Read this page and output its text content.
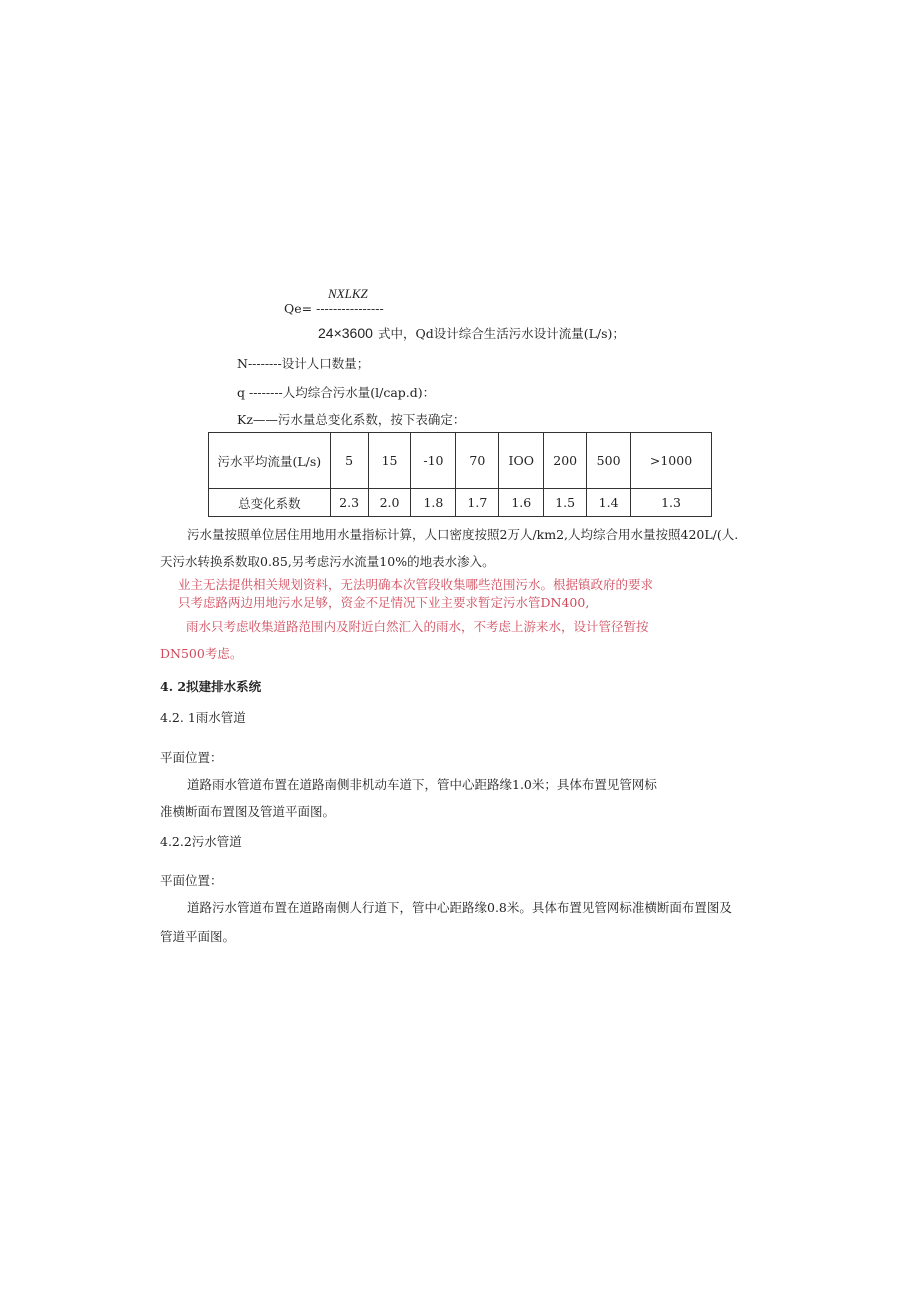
NXLKZ
Qe= ----------------
24×3600 式中，Qd设计综合生活污水设计流量(L/s)；
N--------设计人口数量；
q --------人均综合污水量(l/cap.d)：
Kz——污水量总变化系数，按下表确定：
污水平均流量(L/s)	5	15	-10	70	IOO	200	500	>1000
总变化系数	2.3	2.0	1.8	1.7	1.6	1.5	1.4	1.3
污水量按照单位居住用地用水量指标计算，人口密度按照2万人/km2,人均综合用水量按照420L/(人.
天污水转换系数取0.85,另考虑污水流量10%的地表水渗入。
业主无法提供相关规划资料，无法明确本次管段收集哪些范围污水。根据镇政府的要求
只考虑路两边用地污水足够，资金不足情况下业主要求暂定污水管DN400,
雨水只考虑收集道路范围内及附近白然汇入的雨水，不考虑上游来水，设计管径暂按
DN500考虑。
4. 2拟建排水系统
4.2. 1雨水管道
平面位置：
道路雨水管道布置在道路南侧非机动车道下，管中心距路缘1.0米；具体布置见管网标
准横断面布置图及管道平面图。
4.2.2污水管道
平面位置：
道路污水管道布置在道路南侧人行道下，管中心距路缘0.8米。具体布置见管网标准横断面布置图及
管道平面图。
